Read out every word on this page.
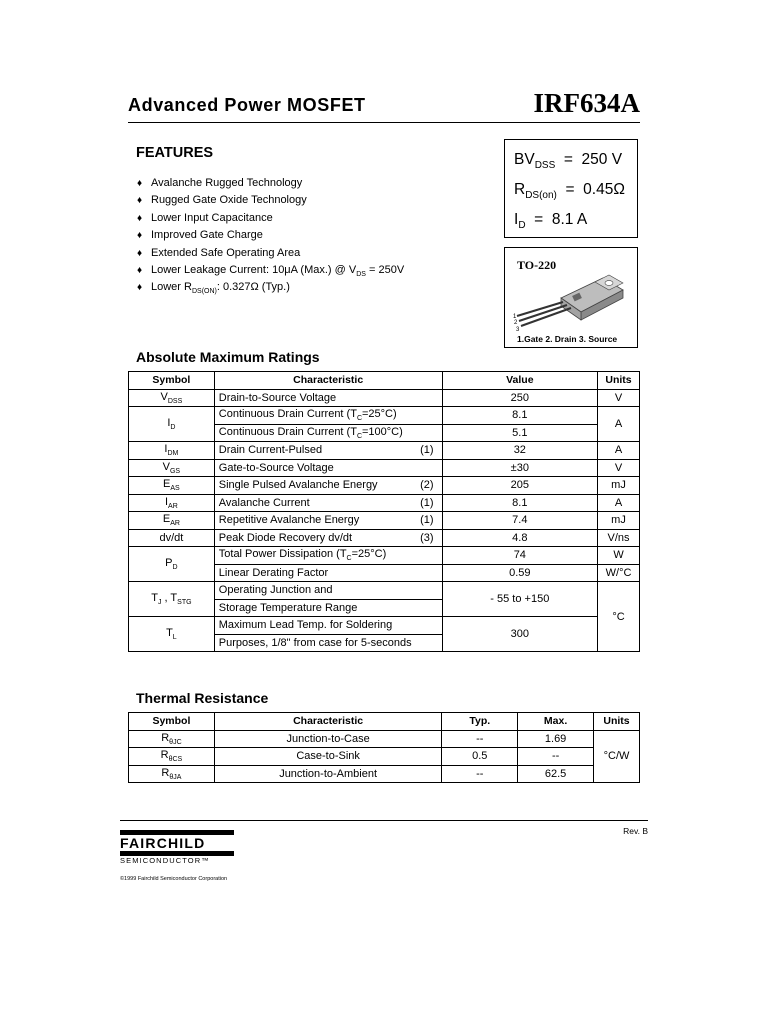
Advanced Power MOSFET	IRF634A
FEATURES
♦ Avalanche Rugged Technology
♦ Rugged Gate Oxide Technology
♦ Lower Input Capacitance
♦ Improved Gate Charge
♦ Extended Safe Operating Area
♦ Lower Leakage Current: 10μA (Max.) @ $V_{DS} = 250V$
♦ Lower $R_{DS(ON)}$: 0.327Ω (Typ.)
$BV_{DSS} = 250$ V
$R_{DS(on)} = 0.45\Omega$
$I_D = 8.1$ A
TO-220
1
2
3
1.Gate 2. Drain 3. Source
Absolute Maximum Ratings
Symbol	Characteristic	Value	Units
$V_{DSS}$	Drain-to-Source Voltage	250	V
$I_D$	Continuous Drain Current $(T_C=25^\circ C)$	8.1	A
	Continuous Drain Current $(T_C=100^\circ C)$	5.1	
$I_{DM}$	Drain Current-Pulsed (1)	32	A
$V_{GS}$	Gate-to-Source Voltage	±30	V
$E_{AS}$	Single Pulsed Avalanche Energy (2)	205	mJ
$I_{AR}$	Avalanche Current (1)	8.1	A
$E_{AR}$	Repetitive Avalanche Energy (1)	7.4	mJ
dv/dt	Peak Diode Recovery dv/dt (3)	4.8	V/ns
$P_D$	Total Power Dissipation $(T_C=25^\circ C)$	74	W
	Linear Derating Factor	0.59	W/°C
$T_J$ , $T_{STG}$	Operating Junction and	- 55 to +150	°C
	Storage Temperature Range		
$T_L$	Maximum Lead Temp. for Soldering	300	
	Purposes, 1/8" from case for 5-seconds		
Thermal Resistance
Symbol	Characteristic	Typ.	Max.	Units
$R_{\theta JC}$	Junction-to-Case	--	1.69	°C/W
$R_{\theta CS}$	Case-to-Sink	0.5	--	
$R_{\theta JA}$	Junction-to-Ambient	--	62.5	
Rev. B
FAIRCHILD
SEMICONDUCTOR™
©1999 Fairchild Semiconductor Corporation
